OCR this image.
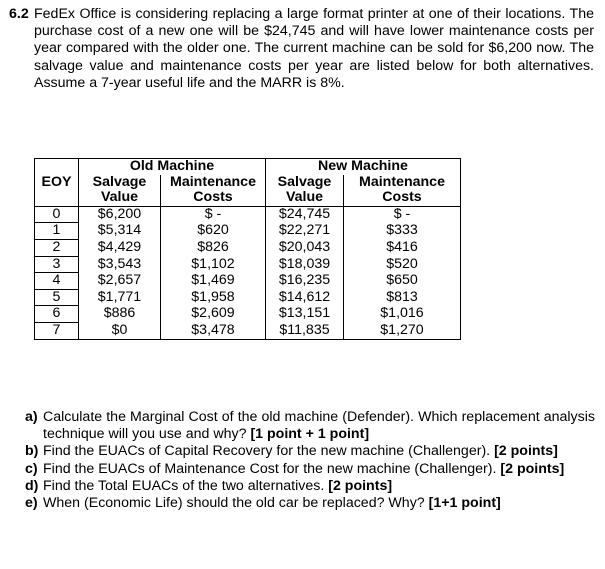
6.2 FedEx Office is considering replacing a large format printer at one of their locations. The purchase cost of a new one will be $24,745 and will have lower maintenance costs per year compared with the older one. The current machine can be sold for $6,200 now. The salvage value and maintenance costs per year are listed below for both alternatives. Assume a 7-year useful life and the MARR is 8%.
	Old Machine		New Machine	
EOY	Salvage	Maintenance	Salvage	Maintenance
	Value	Costs	Value	Costs
0	$6,200	$ -	$24,745	$ -
1	$5,314	$620	$22,271	$333
2	$4,429	$826	$20,043	$416
3	$3,543	$1,102	$18,039	$520
4	$2,657	$1,469	$16,235	$650
5	$1,771	$1,958	$14,612	$813
6	$886	$2,609	$13,151	$1,016
7	$0	$3,478	$11,835	$1,270
a) Calculate the Marginal Cost of the old machine (Defender). Which replacement analysis technique will you use and why? [1 point + 1 point]
b) Find the EUACs of Capital Recovery for the new machine (Challenger). [2 points]
c) Find the EUACs of Maintenance Cost for the new machine (Challenger). [2 points]
d) Find the Total EUACs of the two alternatives. [2 points]
e) When (Economic Life) should the old car be replaced? Why? [1+1 point]
